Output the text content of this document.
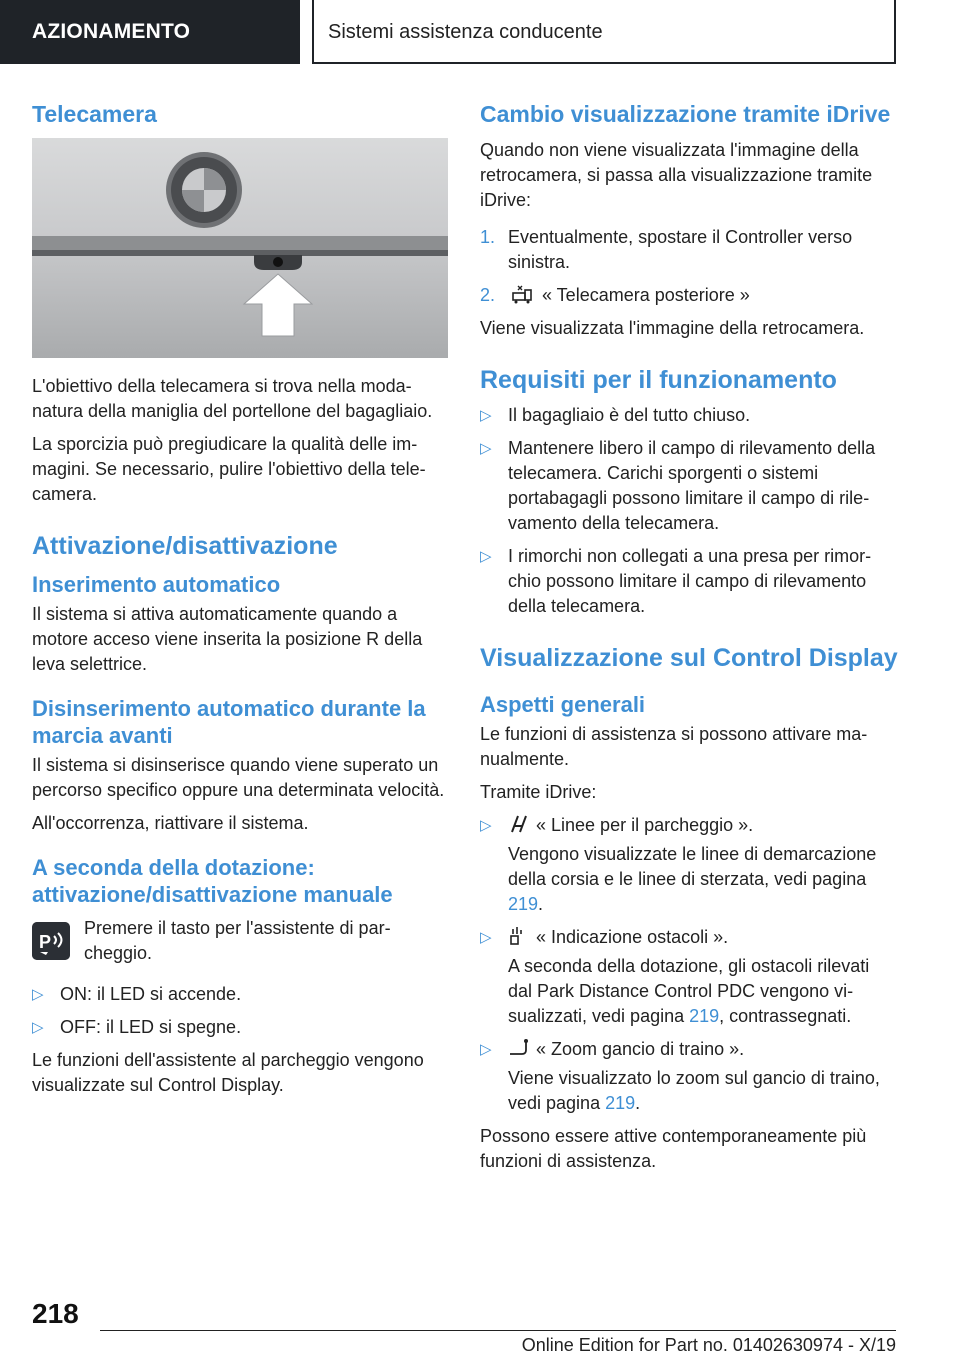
AZIONAMENTO	Sistemi assistenza conducente
Telecamera

L'obiettivo della telecamera si trova nella modanatura della maniglia del portellone del bagagliaio.

La sporcizia può pregiudicare la qualità delle immagini. Se necessario, pulire l'obiettivo della telecamera.

Attivazione/disattivazione
Inserimento automatico

Il sistema si attiva automaticamente quando a motore acceso viene inserita la posizione R della leva selettrice.

Disinserimento automatico durante la marcia avanti

Il sistema si disinserisce quando viene superato un percorso specifico oppure una determinata velocità.

All'occorrenza, riattivare il sistema.

A seconda della dotazione: attivazione/disattivazione manuale
P
Premere il tasto per l'assistente di parcheggio.
▷ ON: il LED si accende.
▷ OFF: il LED si spegne.

Le funzioni dell'assistente al parcheggio vengono visualizzate sul Control Display.

Cambio visualizzazione tramite iDrive

Quando non viene visualizzata l'immagine della retrocamera, si passa alla visualizzazione tramite iDrive:

1. Eventualmente, spostare il Controller verso sinistra.
2.	« Telecamera posteriore »

Viene visualizzata l'immagine della retrocamera.

Requisiti per il funzionamento
▷ Il bagagliaio è del tutto chiuso.
▷ Mantenere libero il campo di rilevamento della telecamera. Carichi sporgenti o sistemi portabagagli possono limitare il campo di rilevamento della telecamera.
▷ I rimorchi non collegati a una presa per rimorchio possono limitare il campo di rilevamento della telecamera.
Visualizzazione sul Control Display
Aspetti generali

Le funzioni di assistenza si possono attivare manualmente.

Tramite iDrive:

▷ « Linee per il parcheggio ».
Vengono visualizzate le linee di demarcazione della corsia e le linee di sterzata, vedi pagina 219.
▷ « Indicazione ostacoli ».
A seconda della dotazione, gli ostacoli rilevati dal Park Distance Control PDC vengono visualizzati, vedi pagina 219, contrassegnati.
▷ « Zoom gancio di traino ».
Viene visualizzato lo zoom sul gancio di traino, vedi pagina 219.

Possono essere attive contemporaneamente più funzioni di assistenza.

218
Online Edition for Part no. 01402630974 - X/19
